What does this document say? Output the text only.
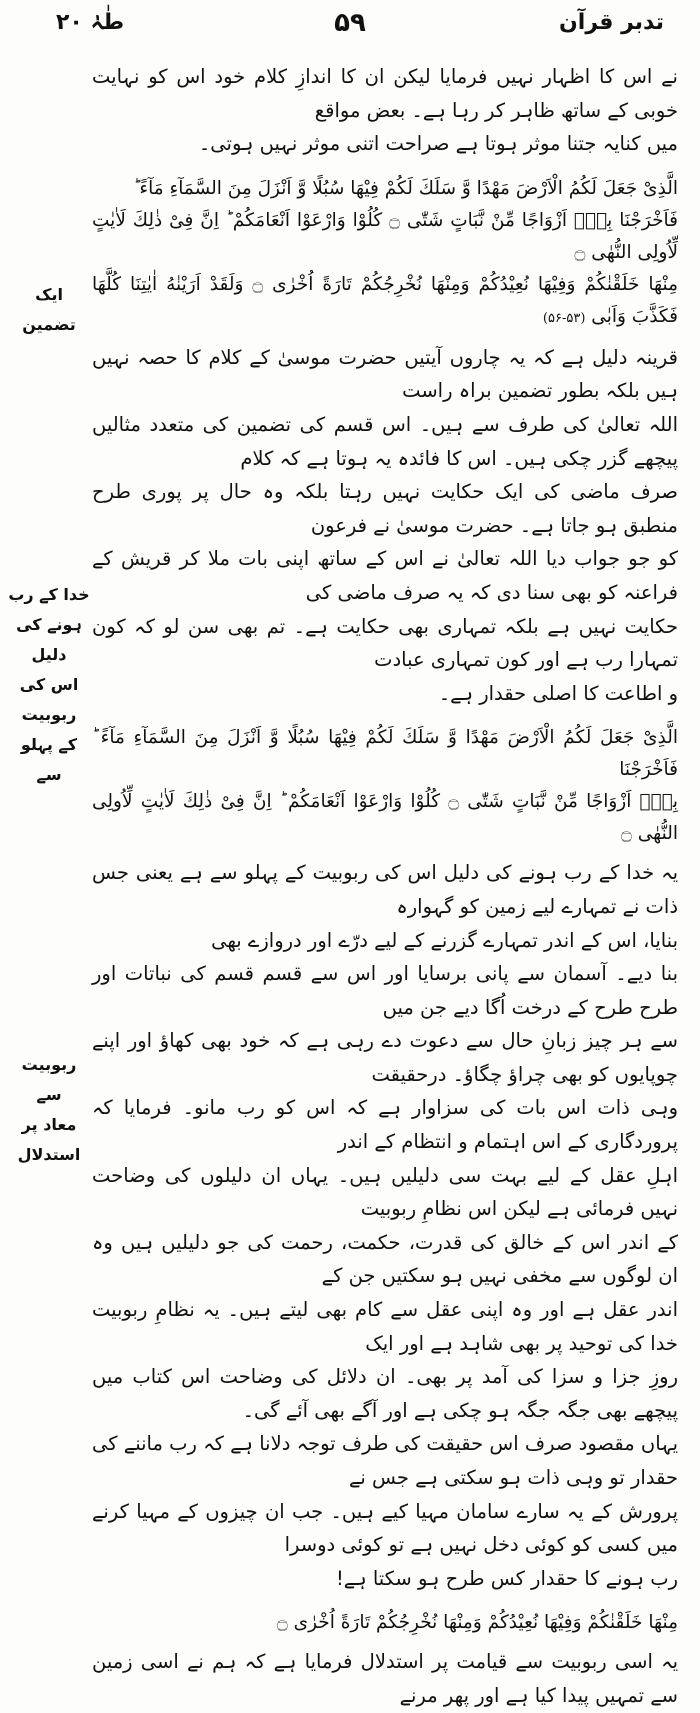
تدبر قرآن
۵۹
طٰہٰ ۲۰

نے اس کا اظہار نہیں فرمایا لیکن ان کا اندازِ کلام خود اس کو نہایت خوبی کے ساتھ ظاہر کر رہا ہے۔ بعض مواقع

میں کنایہ جتنا موثر ہوتا ہے صراحت اتنی موثر نہیں ہوتی۔

الَّذِیْ جَعَلَ لَكُمُ الْاَرْضَ مَهْدًا وَّ سَلَكَ لَكُمْ فِیْهَا سُبُلًا وَّ اَنْزَلَ مِنَ السَّمَآءِ مَآءً ؕ

فَاَخْرَجْنَا بِهٖۤ اَزْوَاجًا مِّنْ نَّبَاتٍ شَتّٰی ۝ كُلُوْا وَارْعَوْا اَنْعَامَكُمْ ؕ اِنَّ فِیْ ذٰلِكَ لَاٰیٰتٍ لِّاُولِی النُّهٰی ۝

مِنْهَا خَلَقْنٰكُمْ وَفِیْهَا نُعِیْدُكُمْ وَمِنْهَا نُخْرِجُكُمْ تَارَةً اُخْرٰی ۝ وَلَقَدْ اَرَیْنٰهُ اٰیٰتِنَا كُلَّهَا فَكَذَّبَ وَاَبٰی (۵۳-۵۶)

قرینہ دلیل ہے کہ یہ چاروں آیتیں حضرت موسیٰ کے کلام کا حصہ نہیں ہیں بلکہ بطور تضمین براہ راست

اللہ تعالیٰ کی طرف سے ہیں۔ اس قسم کی تضمین کی متعدد مثالیں پیچھے گزر چکی ہیں۔ اس کا فائدہ یہ ہوتا ہے کہ کلام

صرف ماضی کی ایک حکایت نہیں رہتا بلکہ وہ حال پر پوری طرح منطبق ہو جاتا ہے۔ حضرت موسیٰ نے فرعون

کو جو جواب دیا اللہ تعالیٰ نے اس کے ساتھ اپنی بات ملا کر قریش کے فراعنہ کو بھی سنا دی کہ یہ صرف ماضی کی

حکایت نہیں ہے بلکہ تمہاری بھی حکایت ہے۔ تم بھی سن لو کہ کون تمہارا رب ہے اور کون تمہاری عبادت

و اطاعت کا اصلی حقدار ہے۔

الَّذِیْ جَعَلَ لَكُمُ الْاَرْضَ مَهْدًا وَّ سَلَكَ لَكُمْ فِیْهَا سُبُلًا وَّ اَنْزَلَ مِنَ السَّمَآءِ مَآءً ؕ فَاَخْرَجْنَا

بِهٖۤ اَزْوَاجًا مِّنْ نَّبَاتٍ شَتّٰی ۝ كُلُوْا وَارْعَوْا اَنْعَامَكُمْ ؕ اِنَّ فِیْ ذٰلِكَ لَاٰیٰتٍ لِّاُولِی النُّهٰی ۝

یہ خدا کے رب ہونے کی دلیل اس کی ربوبیت کے پہلو سے ہے یعنی جس ذات نے تمہارے لیے زمین کو گہوارہ

بنایا، اس کے اندر تمہارے گزرنے کے لیے درّے اور دروازے بھی

بنا دیے۔ آسمان سے پانی برسایا اور اس سے قسم قسم کی نباتات اور طرح طرح کے درخت اُگا دیے جن میں

سے ہر چیز زبانِ حال سے دعوت دے رہی ہے کہ خود بھی کھاؤ اور اپنے چوپایوں کو بھی چراؤ چگاؤ۔ درحقیقت

وہی ذات اس بات کی سزاوار ہے کہ اس کو رب مانو۔ فرمایا کہ پروردگاری کے اس اہتمام و انتظام کے اندر

اہلِ عقل کے لیے بہت سی دلیلیں ہیں۔ یہاں ان دلیلوں کی وضاحت نہیں فرمائی ہے لیکن اس نظامِ ربوبیت

کے اندر اس کے خالق کی قدرت، حکمت، رحمت کی جو دلیلیں ہیں وہ ان لوگوں سے مخفی نہیں ہو سکتیں جن کے

اندر عقل ہے اور وہ اپنی عقل سے کام بھی لیتے ہیں۔ یہ نظامِ ربوبیت خدا کی توحید پر بھی شاہد ہے اور ایک

روزِ جزا و سزا کی آمد پر بھی۔ ان دلائل کی وضاحت اس کتاب میں پیچھے بھی جگہ جگہ ہو چکی ہے اور آگے بھی آئے گی۔

یہاں مقصود صرف اس حقیقت کی طرف توجہ دلانا ہے کہ رب ماننے کی حقدار تو وہی ذات ہو سکتی ہے جس نے

پرورش کے یہ سارے سامان مہیا کیے ہیں۔ جب ان چیزوں کے مہیا کرنے میں کسی کو کوئی دخل نہیں ہے تو کوئی دوسرا

رب ہونے کا حقدار کس طرح ہو سکتا ہے!

مِنْهَا خَلَقْنٰكُمْ وَفِیْهَا نُعِیْدُكُمْ وَمِنْهَا نُخْرِجُكُمْ تَارَةً اُخْرٰی ۝

یہ اسی ربوبیت سے قیامت پر استدلال فرمایا ہے کہ ہم نے اسی زمین سے تمہیں پیدا کیا ہے اور پھر مرنے

ایک تضمین
خدا کے رب
ہونے کی دلیل
اس کی ربوبیت
کے پہلو سے
ربوبیت سے
معاد پر استدلال
